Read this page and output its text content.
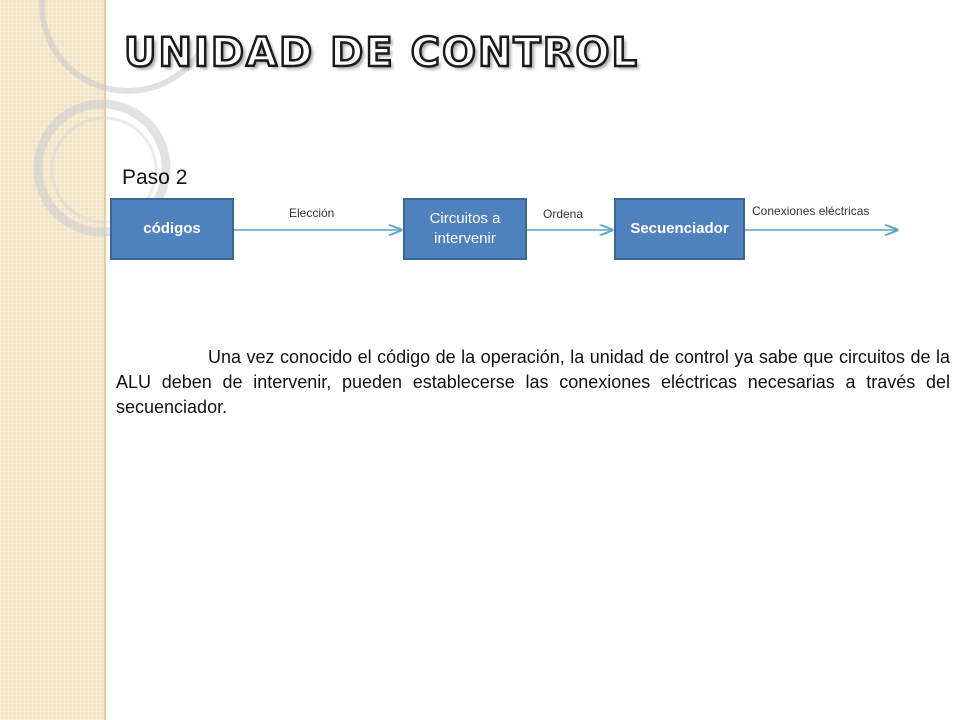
UNIDAD DE CONTROL
Paso 2
códigos
Circuitos a intervenir
Secuenciador
Elección	Ordena	Conexiones eléctricas

Una vez conocido el código de la operación, la unidad de control ya sabe que circuitos de la ALU deben de intervenir, pueden establecerse las conexiones eléctricas necesarias a través del secuenciador.
